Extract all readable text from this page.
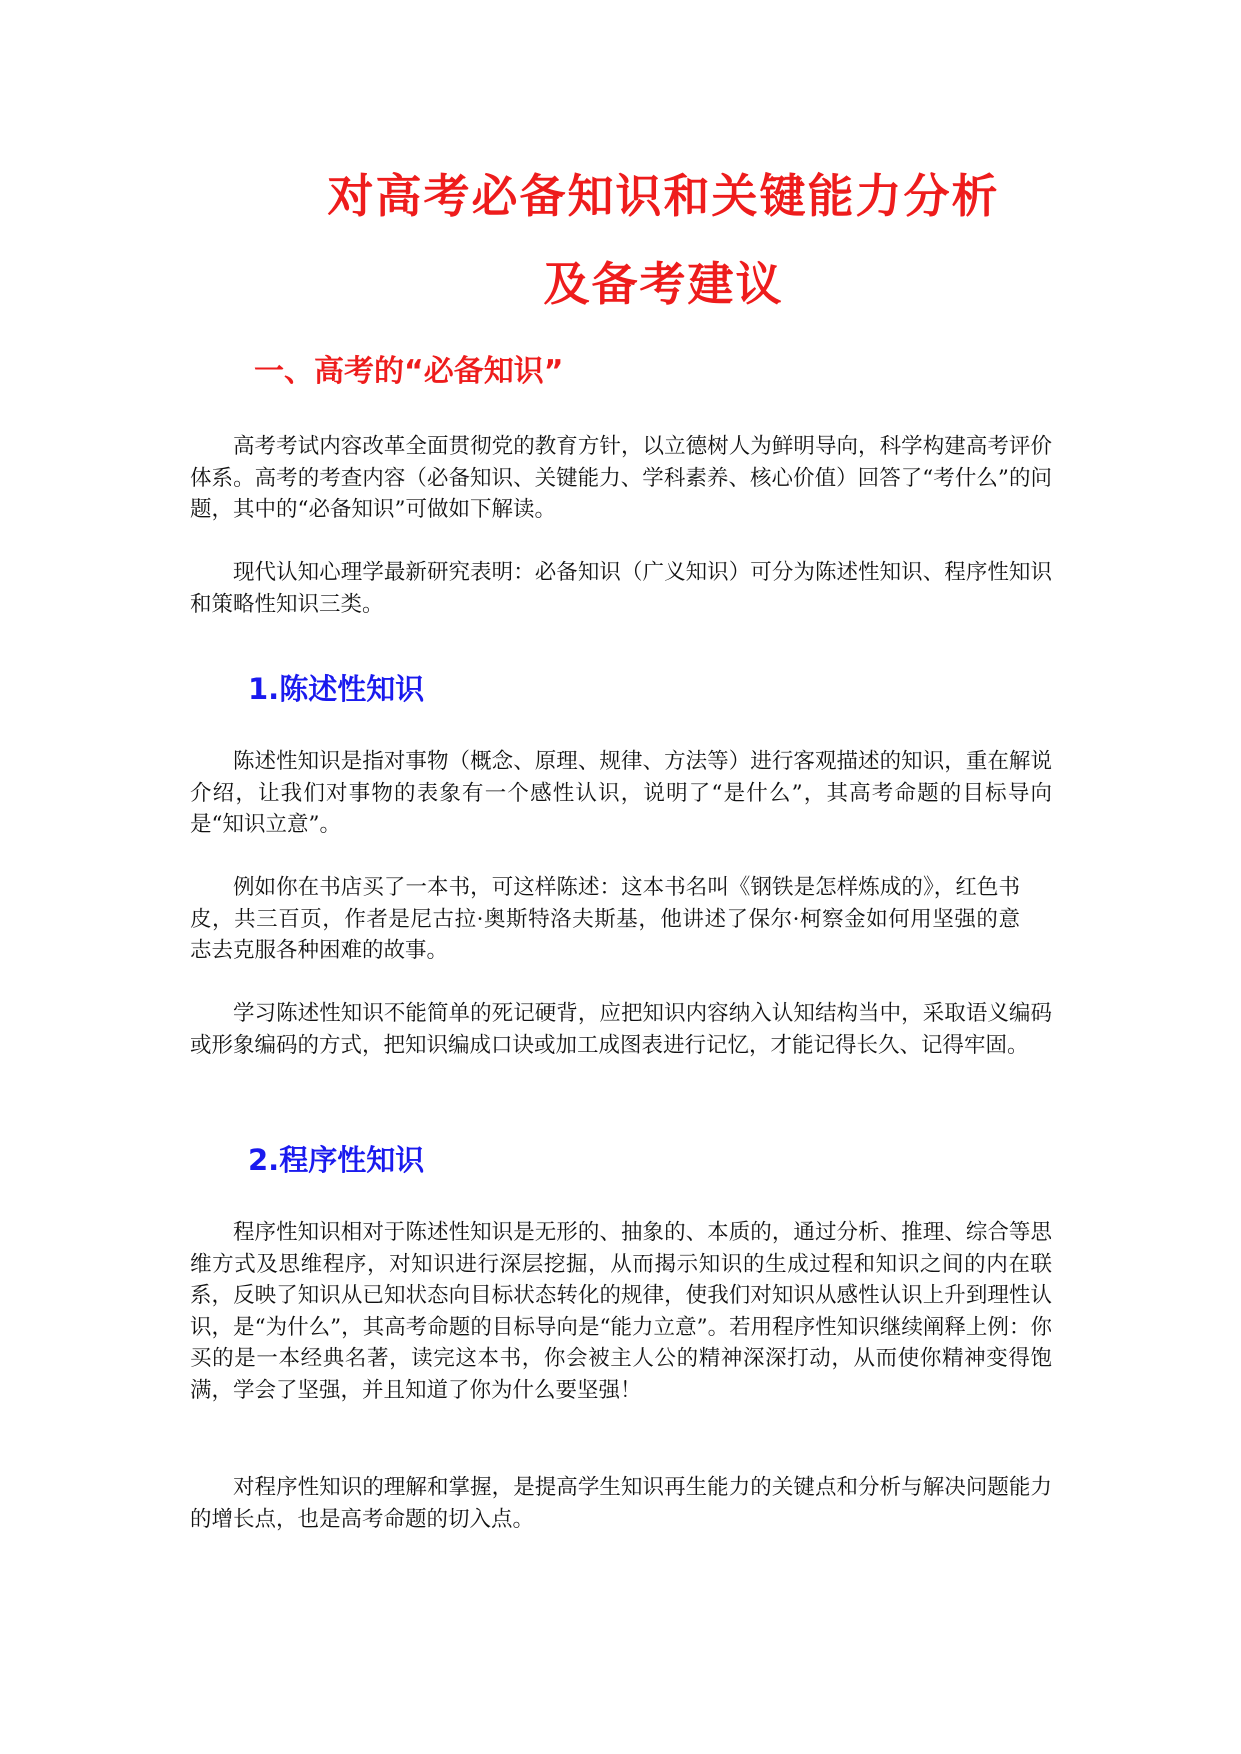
对高考必备知识和关键能力分析
及备考建议
一、高考的“必备知识”

高考考试内容改革全面贯彻党的教育方针，以立德树人为鲜明导向，科学构建高考评价体系。高考的考查内容（必备知识、关键能力、学科素养、核心价值）回答了“考什么”的问题，其中的“必备知识”可做如下解读。

现代认知心理学最新研究表明：必备知识（广义知识）可分为陈述性知识、程序性知识和策略性知识三类。

1.陈述性知识

陈述性知识是指对事物（概念、原理、规律、方法等）进行客观描述的知识，重在解说介绍，让我们对事物的表象有一个感性认识，说明了“是什么”，其高考命题的目标导向是“知识立意”。

例如你在书店买了一本书，可这样陈述：这本书名叫《钢铁是怎样炼成的》，红色书皮，共三百页，作者是尼古拉·奥斯特洛夫斯基，他讲述了保尔·柯察金如何用坚强的意志去克服各种困难的故事。

学习陈述性知识不能简单的死记硬背，应把知识内容纳入认知结构当中，采取语义编码或形象编码的方式，把知识编成口诀或加工成图表进行记忆，才能记得长久、记得牢固。

2.程序性知识

程序性知识相对于陈述性知识是无形的、抽象的、本质的，通过分析、推理、综合等思维方式及思维程序，对知识进行深层挖掘，从而揭示知识的生成过程和知识之间的内在联系，反映了知识从已知状态向目标状态转化的规律，使我们对知识从感性认识上升到理性认识，是“为什么”，其高考命题的目标导向是“能力立意”。若用程序性知识继续阐释上例：你买的是一本经典名著，读完这本书，你会被主人公的精神深深打动，从而使你精神变得饱满，学会了坚强，并且知道了你为什么要坚强！

对程序性知识的理解和掌握，是提高学生知识再生能力的关键点和分析与解决问题能力的增长点，也是高考命题的切入点。
